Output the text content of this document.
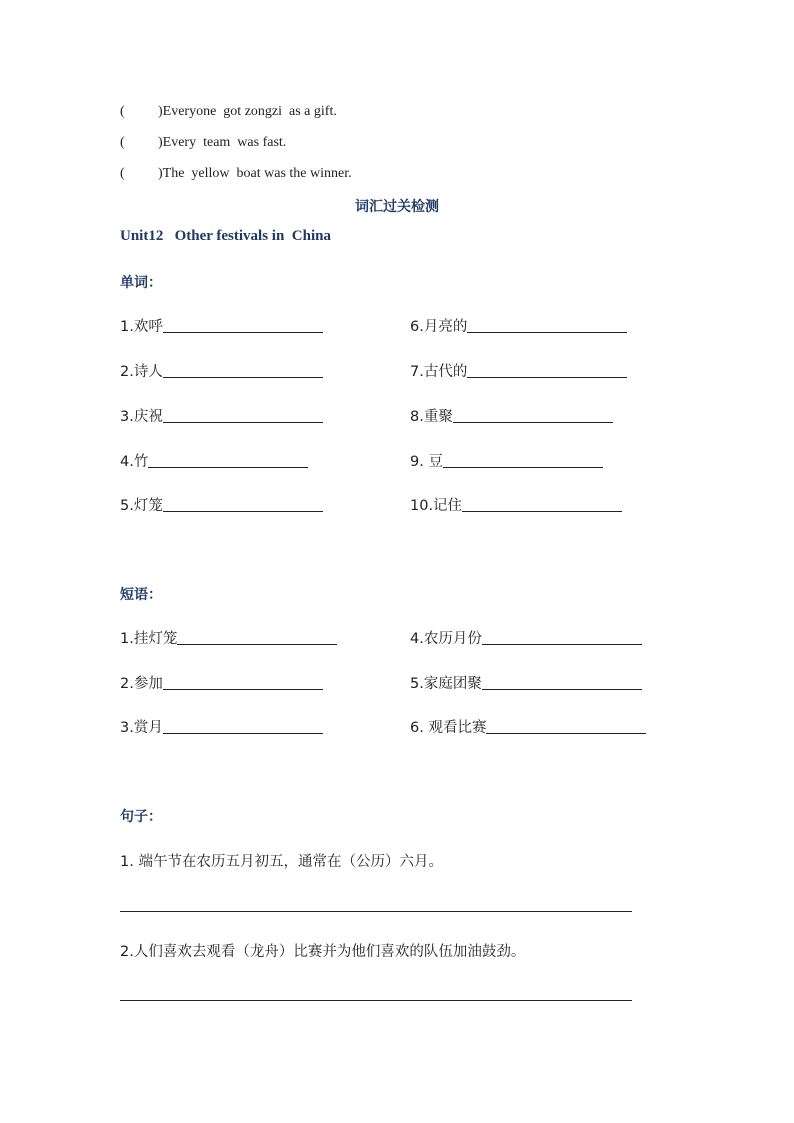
( )Everyone  got zongzi  as a gift.
( )Every  team  was fast.
( )The  yellow  boat was the winner.
词汇过关检测
Unit12   Other festivals in  China
单词：
1.欢呼
2.诗人
3.庆祝
4.竹
5.灯笼
6.月亮的
7.古代的
8.重聚
9. 豆
10.记住
短语：
1.挂灯笼
2.参加
3.赏月
4.农历月份
5.家庭团聚
6. 观看比赛
句子：
1. 端午节在农历五月初五，通常在（公历）六月。
2.人们喜欢去观看（龙舟）比赛并为他们喜欢的队伍加油鼓劲。
